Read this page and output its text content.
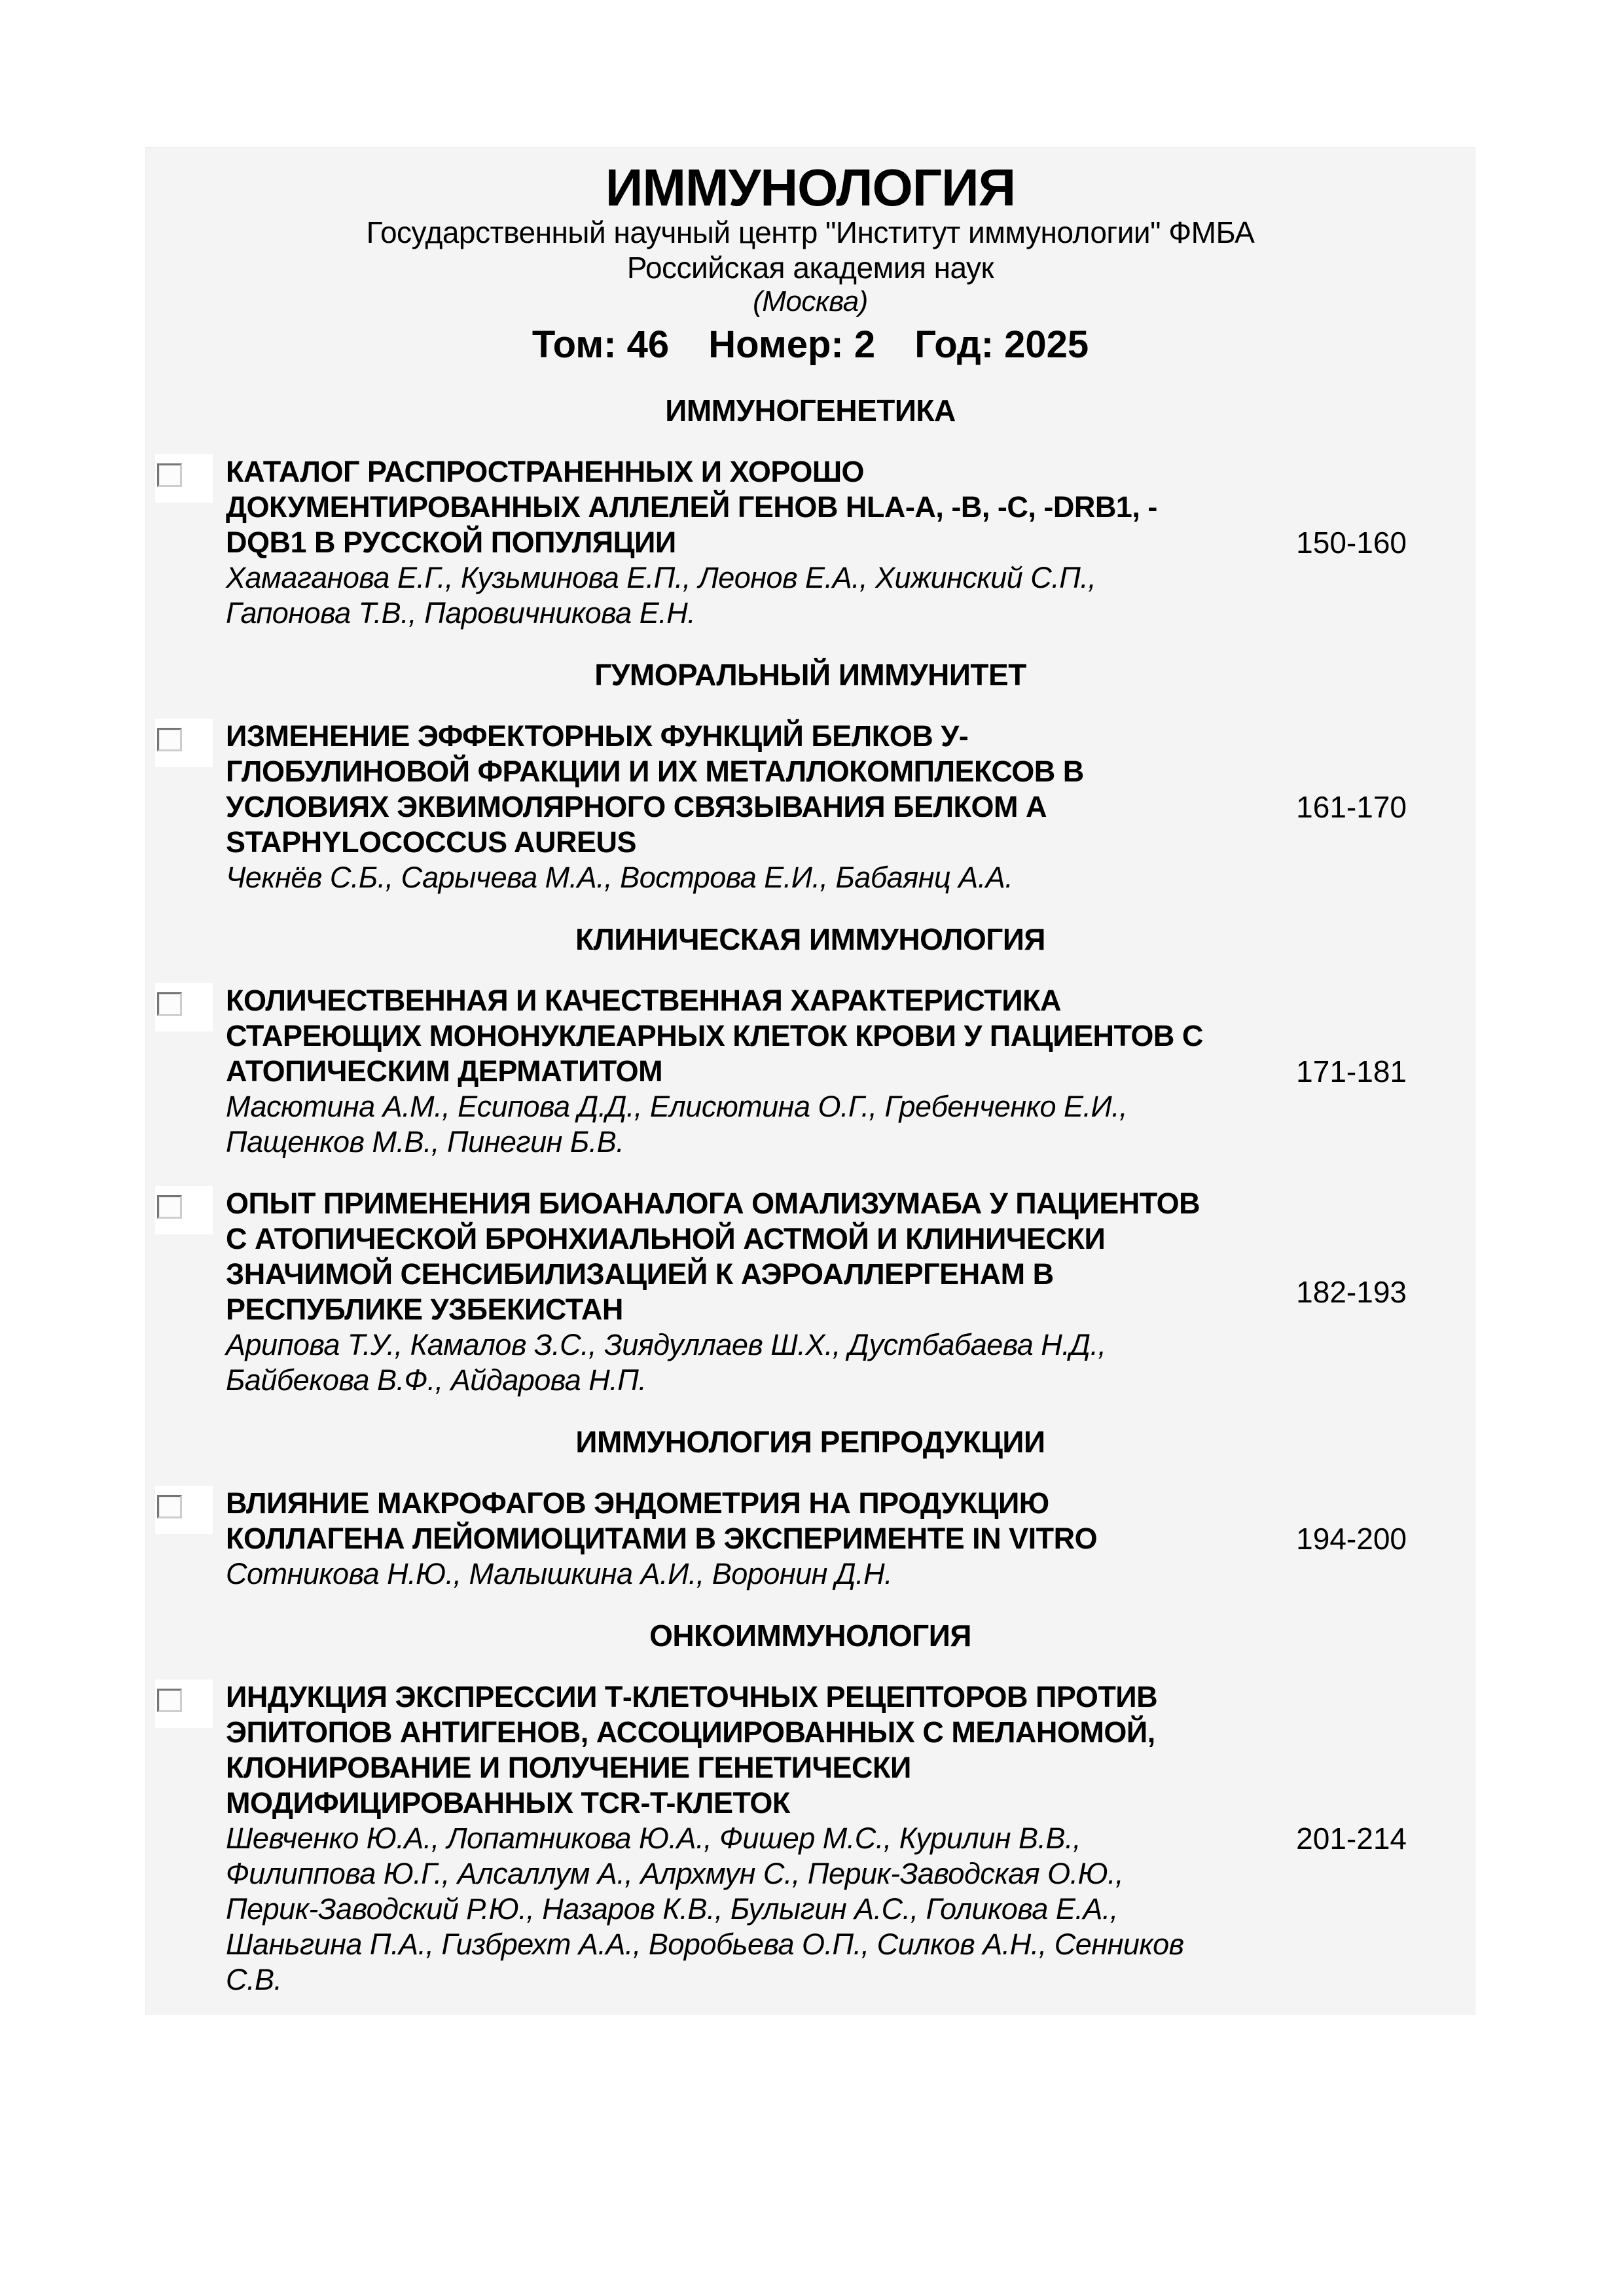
ИММУНОЛОГИЯ
Государственный научный центр "Институт иммунологии" ФМБА
Российская академия наук
(Москва)
Том: 46 Номер: 2 Год: 2025
ИММУНОГЕНЕТИКА
КАТАЛОГ РАСПРОСТРАНЕННЫХ И ХОРОШО ДОКУМЕНТИРОВАННЫХ АЛЛЕЛЕЙ ГЕНОВ HLA-A, -B, -C, -DRB1, -DQB1 В РУССКОЙ ПОПУЛЯЦИИ
Хамаганова Е.Г., Кузьминова Е.П., Леонов Е.А., Хижинский С.П., Гапонова Т.В., Паровичникова Е.Н.
150-160
ГУМОРАЛЬНЫЙ ИММУНИТЕТ
ИЗМЕНЕНИЕ ЭФФЕКТОРНЫХ ФУНКЦИЙ БЕЛКОВ У-ГЛОБУЛИНОВОЙ ФРАКЦИИ И ИХ МЕТАЛЛОКОМПЛЕКСОВ В УСЛОВИЯХ ЭКВИМОЛЯРНОГО СВЯЗЫВАНИЯ БЕЛКОМ А STAPHYLOCOCCUS AUREUS
Чекнёв С.Б., Сарычева М.А., Вострова Е.И., Бабаянц А.А.
161-170
КЛИНИЧЕСКАЯ ИММУНОЛОГИЯ
КОЛИЧЕСТВЕННАЯ И КАЧЕСТВЕННАЯ ХАРАКТЕРИСТИКА СТАРЕЮЩИХ МОНОНУКЛЕАРНЫХ КЛЕТОК КРОВИ У ПАЦИЕНТОВ С АТОПИЧЕСКИМ ДЕРМАТИТОМ
Масютина А.М., Есипова Д.Д., Елисютина О.Г., Гребенченко Е.И., Пащенков М.В., Пинегин Б.В.
171-181
ОПЫТ ПРИМЕНЕНИЯ БИОАНАЛОГА ОМАЛИЗУМАБА У ПАЦИЕНТОВ С АТОПИЧЕСКОЙ БРОНХИАЛЬНОЙ АСТМОЙ И КЛИНИЧЕСКИ ЗНАЧИМОЙ СЕНСИБИЛИЗАЦИЕЙ К АЭРОАЛЛЕРГЕНАМ В РЕСПУБЛИКЕ УЗБЕКИСТАН
Арипова Т.У., Камалов З.С., Зиядуллаев Ш.Х., Дустбабаева Н.Д., Байбекова В.Ф., Айдарова Н.П.
182-193
ИММУНОЛОГИЯ РЕПРОДУКЦИИ
ВЛИЯНИЕ МАКРОФАГОВ ЭНДОМЕТРИЯ НА ПРОДУКЦИЮ КОЛЛАГЕНА ЛЕЙОМИОЦИТАМИ В ЭКСПЕРИМЕНТЕ IN VITRO
Сотникова Н.Ю., Малышкина А.И., Воронин Д.Н.
194-200
ОНКОИММУНОЛОГИЯ
ИНДУКЦИЯ ЭКСПРЕССИИ Т-КЛЕТОЧНЫХ РЕЦЕПТОРОВ ПРОТИВ ЭПИТОПОВ АНТИГЕНОВ, АССОЦИИРОВАННЫХ С МЕЛАНОМОЙ, КЛОНИРОВАНИЕ И ПОЛУЧЕНИЕ ГЕНЕТИЧЕСКИ МОДИФИЦИРОВАННЫХ TCR-T-КЛЕТОК
Шевченко Ю.А., Лопатникова Ю.А., Фишер М.С., Курилин В.В., Филиппова Ю.Г., Алсаллум А., Алрхмун С., Перик-Заводская О.Ю., Перик-Заводский Р.Ю., Назаров К.В., Булыгин А.С., Голикова Е.А., Шаньгина П.А., Гизбрехт А.А., Воробьева О.П., Силков А.Н., Сенников С.В.
201-214
